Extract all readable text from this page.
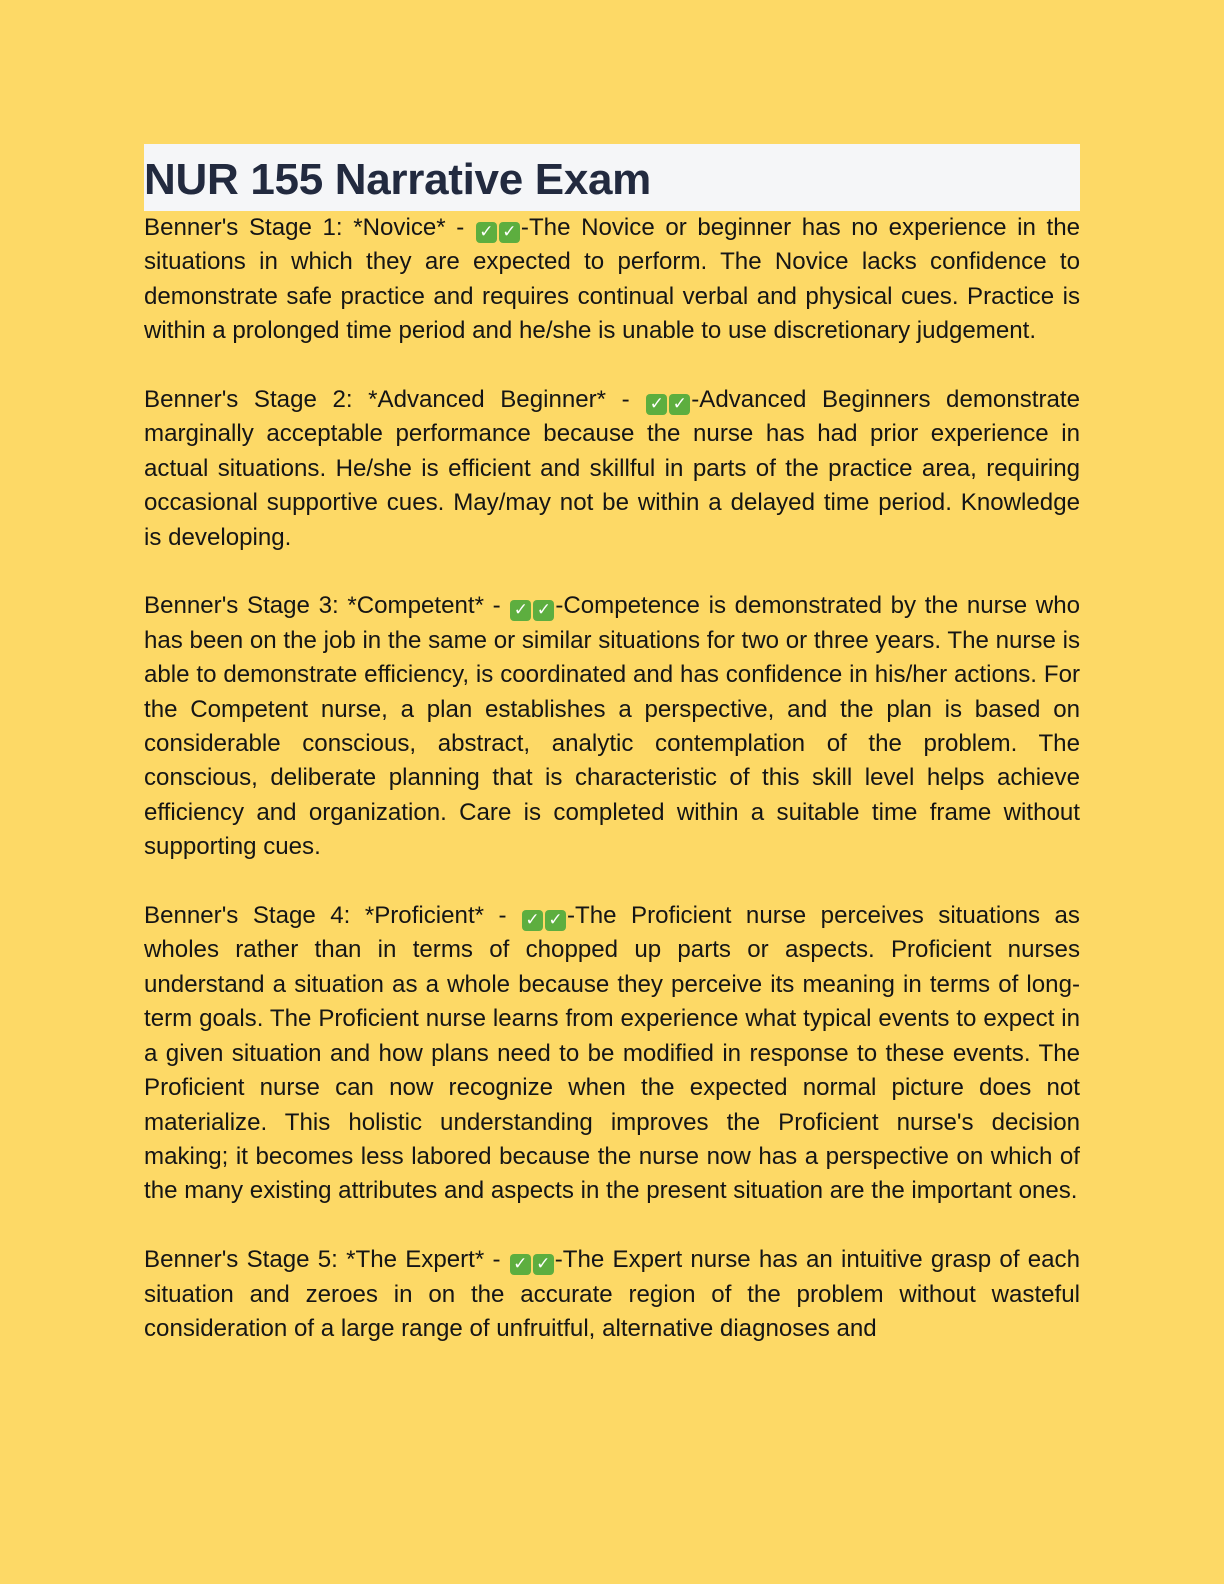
NUR 155 Narrative Exam

Benner's Stage 1: *Novice* - ✓ ✓ -The Novice or beginner has no experience in the situations in which they are expected to perform. The Novice lacks confidence to demonstrate safe practice and requires continual verbal and physical cues. Practice is within a prolonged time period and he/she is unable to use discretionary judgement.

Benner's Stage 2: *Advanced Beginner* - ✓ ✓ -Advanced Beginners demonstrate marginally acceptable performance because the nurse has had prior experience in actual situations. He/she is efficient and skillful in parts of the practice area, requiring occasional supportive cues. May/may not be within a delayed time period. Knowledge is developing.

Benner's Stage 3: *Competent* - ✓ ✓ -Competence is demonstrated by the nurse who has been on the job in the same or similar situations for two or three years. The nurse is able to demonstrate efficiency, is coordinated and has confidence in his/her actions. For the Competent nurse, a plan establishes a perspective, and the plan is based on considerable conscious, abstract, analytic contemplation of the problem. The conscious, deliberate planning that is characteristic of this skill level helps achieve efficiency and organization. Care is completed within a suitable time frame without supporting cues.

Benner's Stage 4: *Proficient* - ✓ ✓ -The Proficient nurse perceives situations as wholes rather than in terms of chopped up parts or aspects. Proficient nurses understand a situation as a whole because they perceive its meaning in terms of long-term goals. The Proficient nurse learns from experience what typical events to expect in a given situation and how plans need to be modified in response to these events. The Proficient nurse can now recognize when the expected normal picture does not materialize. This holistic understanding improves the Proficient nurse's decision making; it becomes less labored because the nurse now has a perspective on which of the many existing attributes and aspects in the present situation are the important ones.

Benner's Stage 5: *The Expert* - ✓ ✓ -The Expert nurse has an intuitive grasp of each situation and zeroes in on the accurate region of the problem without wasteful consideration of a large range of unfruitful, alternative diagnoses and
